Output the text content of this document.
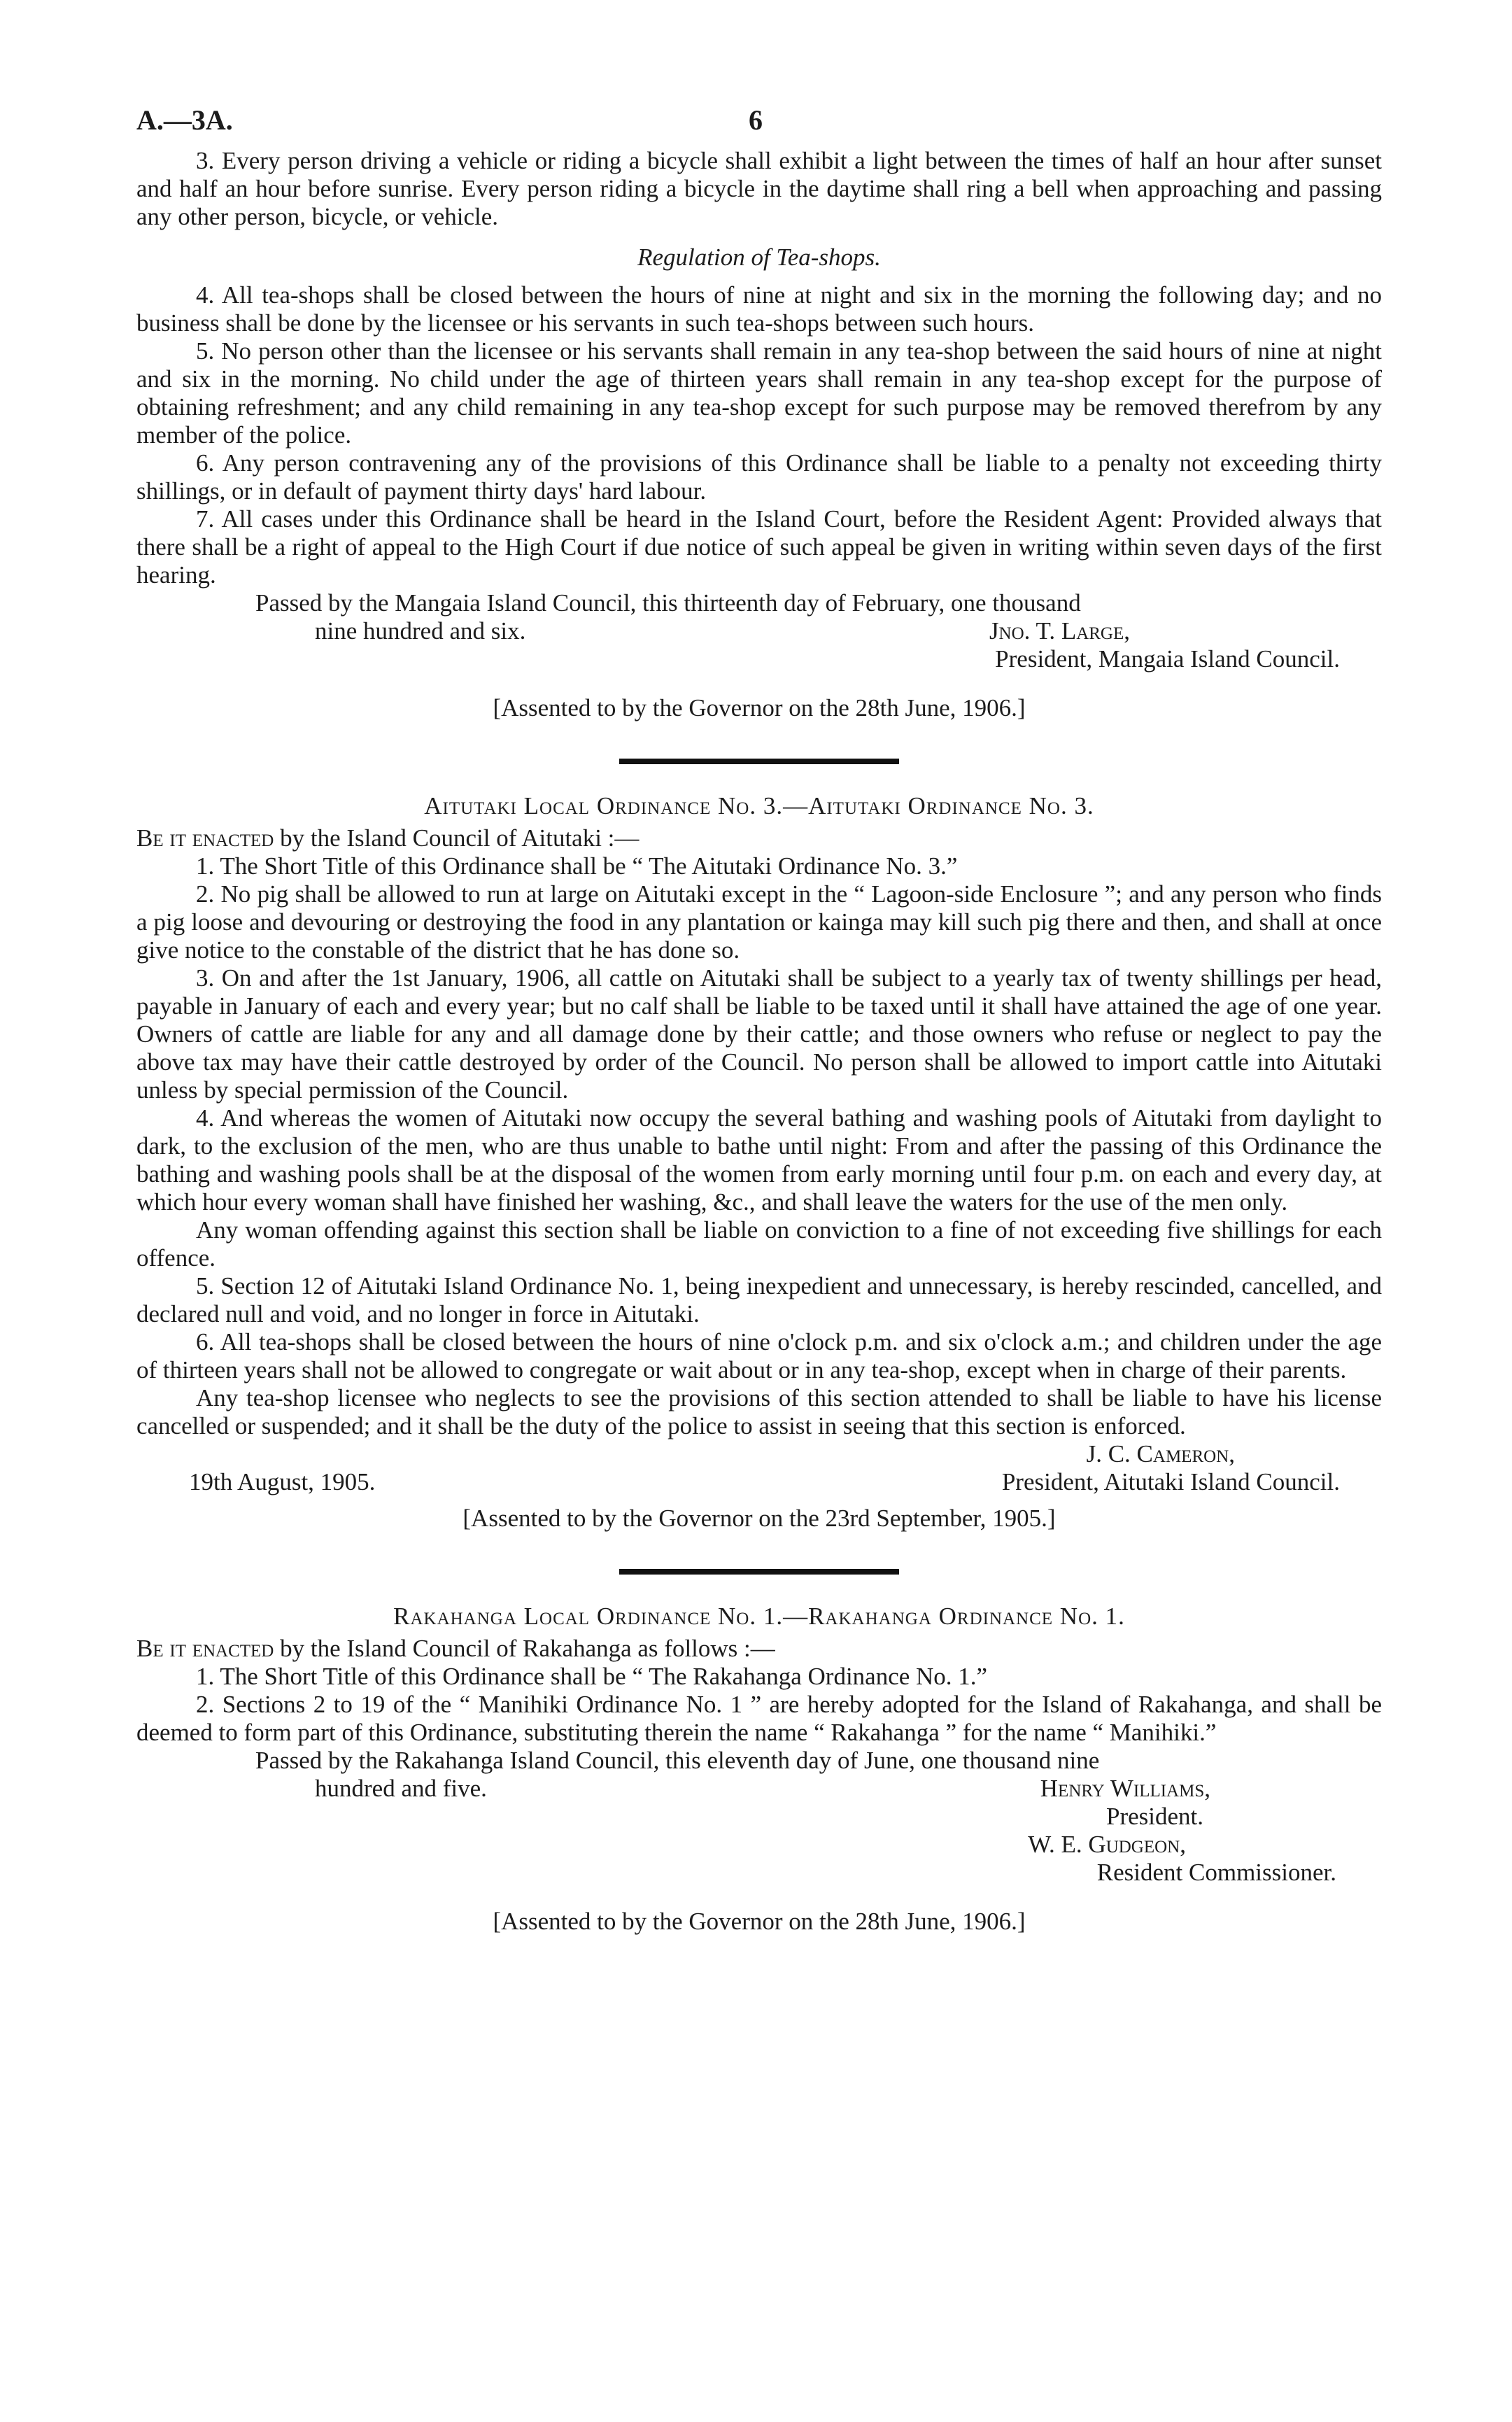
A.—3A.	6

3. Every person driving a vehicle or riding a bicycle shall exhibit a light between the times of half an hour after sunset and half an hour before sunrise. Every person riding a bicycle in the daytime shall ring a bell when approaching and passing any other person, bicycle, or vehicle.

Regulation of Tea-shops.

4. All tea-shops shall be closed between the hours of nine at night and six in the morning the following day; and no business shall be done by the licensee or his servants in such tea-shops between such hours.

5. No person other than the licensee or his servants shall remain in any tea-shop between the said hours of nine at night and six in the morning. No child under the age of thirteen years shall remain in any tea-shop except for the purpose of obtaining refreshment; and any child remaining in any tea-shop except for such purpose may be removed therefrom by any member of the police.

6. Any person contravening any of the provisions of this Ordinance shall be liable to a penalty not exceeding thirty shillings, or in default of payment thirty days' hard labour.

7. All cases under this Ordinance shall be heard in the Island Court, before the Resident Agent: Provided always that there shall be a right of appeal to the High Court if due notice of such appeal be given in writing within seven days of the first hearing.

Passed by the Mangaia Island Council, this thirteenth day of February, one thousand

nine hundred and six.	Jno. T. Large,

President, Mangaia Island Council.

[Assented to by the Governor on the 28th June, 1906.]

Aitutaki Local Ordinance No. 3.—Aitutaki Ordinance No. 3.

Be it enacted by the Island Council of Aitutaki :—

1. The Short Title of this Ordinance shall be “ The Aitutaki Ordinance No. 3.”

2. No pig shall be allowed to run at large on Aitutaki except in the “ Lagoon-side Enclosure ”; and any person who finds a pig loose and devouring or destroying the food in any plantation or kainga may kill such pig there and then, and shall at once give notice to the constable of the district that he has done so.

3. On and after the 1st January, 1906, all cattle on Aitutaki shall be subject to a yearly tax of twenty shillings per head, payable in January of each and every year; but no calf shall be liable to be taxed until it shall have attained the age of one year. Owners of cattle are liable for any and all damage done by their cattle; and those owners who refuse or neglect to pay the above tax may have their cattle destroyed by order of the Council. No person shall be allowed to import cattle into Aitutaki unless by special permission of the Council.

4. And whereas the women of Aitutaki now occupy the several bathing and washing pools of Aitutaki from daylight to dark, to the exclusion of the men, who are thus unable to bathe until night: From and after the passing of this Ordinance the bathing and washing pools shall be at the disposal of the women from early morning until four p.m. on each and every day, at which hour every woman shall have finished her washing, &c., and shall leave the waters for the use of the men only.

Any woman offending against this section shall be liable on conviction to a fine of not exceeding five shillings for each offence.

5. Section 12 of Aitutaki Island Ordinance No. 1, being inexpedient and unnecessary, is hereby rescinded, cancelled, and declared null and void, and no longer in force in Aitutaki.

6. All tea-shops shall be closed between the hours of nine o'clock p.m. and six o'clock a.m.; and children under the age of thirteen years shall not be allowed to congregate or wait about or in any tea-shop, except when in charge of their parents.

Any tea-shop licensee who neglects to see the provisions of this section attended to shall be liable to have his license cancelled or suspended; and it shall be the duty of the police to assist in seeing that this section is enforced.

J. C. Cameron,

19th August, 1905.	President, Aitutaki Island Council.

[Assented to by the Governor on the 23rd September, 1905.]

Rakahanga Local Ordinance No. 1.—Rakahanga Ordinance No. 1.

Be it enacted by the Island Council of Rakahanga as follows :—

1. The Short Title of this Ordinance shall be “ The Rakahanga Ordinance No. 1.”

2. Sections 2 to 19 of the “ Manihiki Ordinance No. 1 ” are hereby adopted for the Island of Rakahanga, and shall be deemed to form part of this Ordinance, substituting therein the name “ Rakahanga ” for the name “ Manihiki.”

Passed by the Rakahanga Island Council, this eleventh day of June, one thousand nine

hundred and five.	Henry Williams,

President.

W. E. Gudgeon,

Resident Commissioner.

[Assented to by the Governor on the 28th June, 1906.]
